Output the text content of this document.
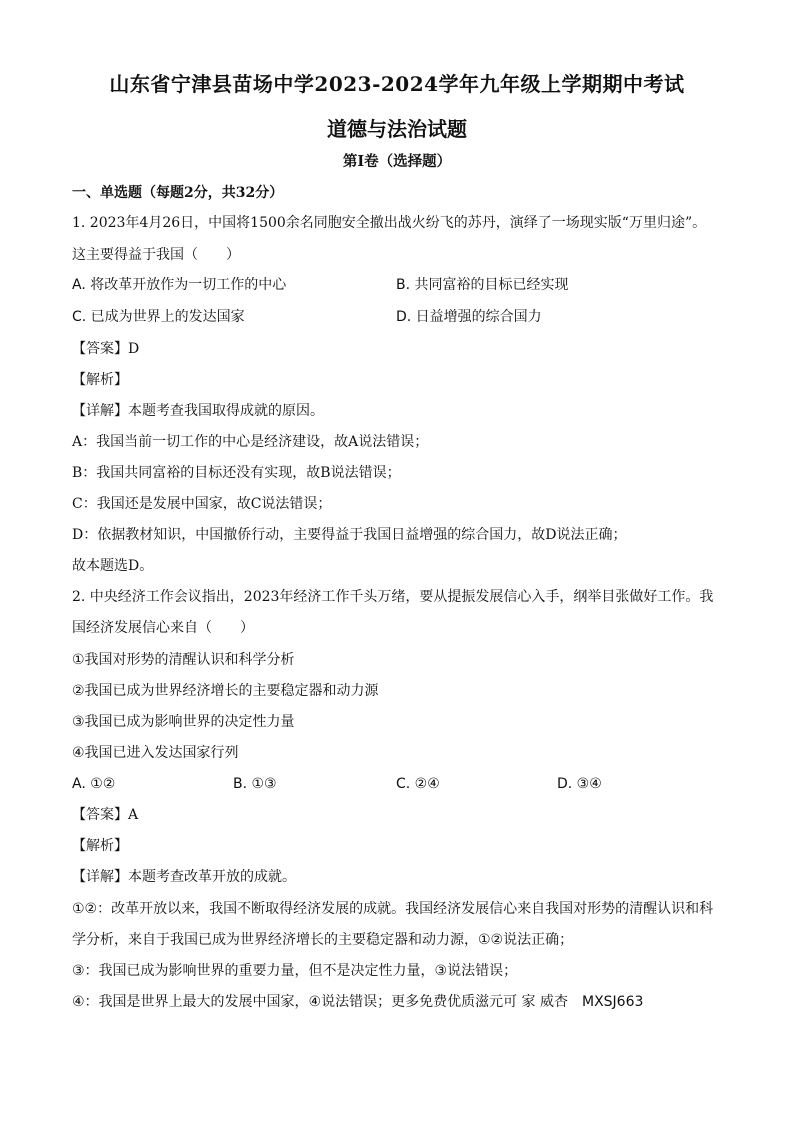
山东省宁津县苗场中学2023-2024学年九年级上学期期中考试
道德与法治试题
第Ⅰ卷（选择题）
一、单选题（每题2分，共32分）
1. 2023年4月26日，中国将1500余名同胞安全撤出战火纷飞的苏丹，演绎了一场现实版“万里归途”。
这主要得益于我国（　　）
A. 将改革开放作为一切工作的中心	B. 共同富裕的目标已经实现
C. 已成为世界上的发达国家	D. 日益增强的综合国力
【答案】D
【解析】
【详解】本题考查我国取得成就的原因。
A：我国当前一切工作的中心是经济建设，故A说法错误；
B：我国共同富裕的目标还没有实现，故B说法错误；
C：我国还是发展中国家，故C说法错误；
D：依据教材知识，中国撤侨行动，主要得益于我国日益增强的综合国力，故D说法正确；
故本题选D。
2. 中央经济工作会议指出，2023年经济工作千头万绪，要从提振发展信心入手，纲举目张做好工作。我
国经济发展信心来自（　　）
①我国对形势的清醒认识和科学分析
②我国已成为世界经济增长的主要稳定器和动力源
③我国已成为影响世界的决定性力量
④我国已进入发达国家行列
A. ①②	B. ①③	C. ②④	D. ③④
【答案】A
【解析】
【详解】本题考查改革开放的成就。
①②：改革开放以来，我国不断取得经济发展的成就。我国经济发展信心来自我国对形势的清醒认识和科
学分析，来自于我国已成为世界经济增长的主要稳定器和动力源，①②说法正确；
③：我国已成为影响世界的重要力量，但不是决定性力量，③说法错误；
④：我国是世界上最大的发展中国家，④说法错误；更多免费优质滋元可 家 威杏　MXSJ663
